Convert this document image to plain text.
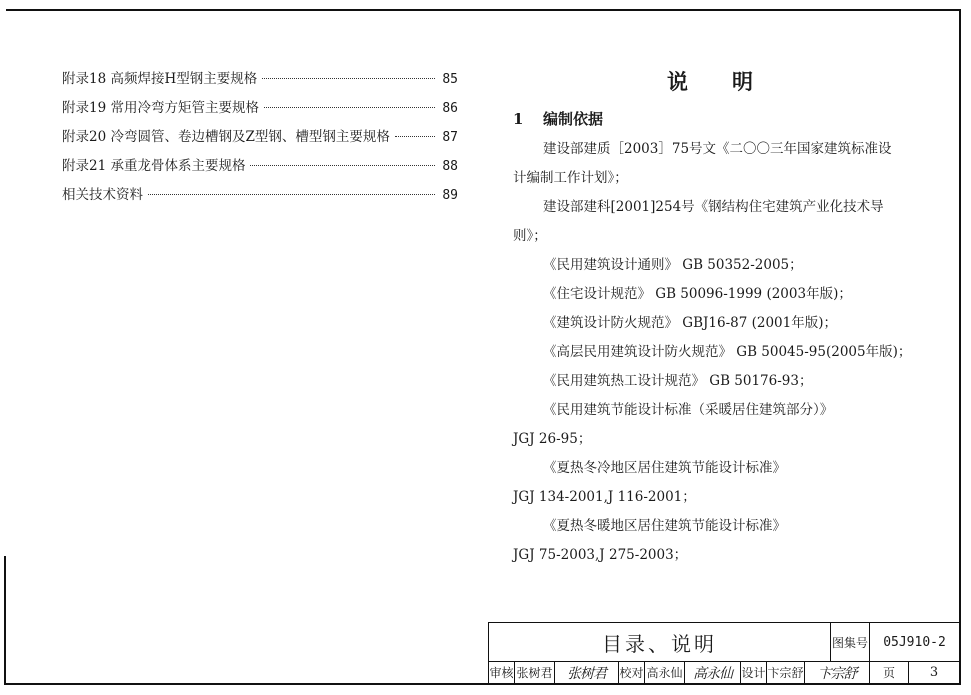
附录18 高频焊接H型钢主要规格	85
附录19 常用冷弯方矩管主要规格	86
附录20 冷弯圆管、卷边槽钢及Z型钢、槽型钢主要规格	87
附录21 承重龙骨体系主要规格	88
相关技术资料	89
说明
1 编制依据
建设部建质［2003］75号文《二〇〇三年国家建筑标准设
计编制工作计划》；
建设部建科[2001]254号《钢结构住宅建筑产业化技术导
则》；
《民用建筑设计通则》 GB 50352-2005；
《住宅设计规范》 GB 50096-1999 (2003年版)；
《建筑设计防火规范》 GBJ16-87 (2001年版)；
《高层民用建筑设计防火规范》 GB 50045-95(2005年版)；
《民用建筑热工设计规范》 GB 50176-93；
《民用建筑节能设计标准（采暖居住建筑部分）》
JGJ 26-95；
《夏热冬冷地区居住建筑节能设计标准》
JGJ 134-2001,J 116-2001；
《夏热冬暖地区居住建筑节能设计标准》
JGJ 75-2003,J 275-2003；
目录、说明	图集号	05J910-2
审核 张树君	张树君	校对 高永仙 高永仙 设计 卞宗舒	卞宗舒	页	3
